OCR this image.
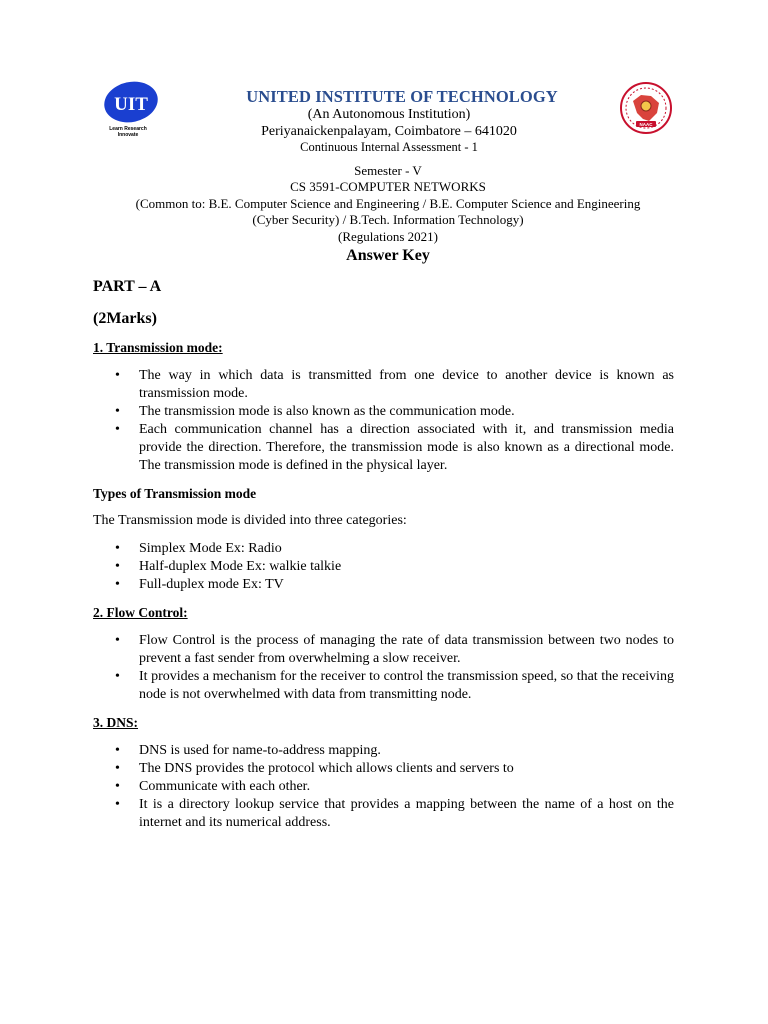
UIT
Learn Research
Innovate
NAAC
UNITED INSTITUTE OF TECHNOLOGY
(An Autonomous Institution)
Periyanaickenpalayam, Coimbatore – 641020
Continuous Internal Assessment - 1
Semester - V
CS 3591-COMPUTER NETWORKS
(Common to: B.E. Computer Science and Engineering / B.E. Computer Science and Engineering
(Cyber Security) / B.Tech. Information Technology)
(Regulations 2021)
Answer Key
PART – A
(2Marks)
1. Transmission mode:
• The way in which data is transmitted from one device to another device is known as transmission mode.
• The transmission mode is also known as the communication mode.
• Each communication channel has a direction associated with it, and transmission media provide the direction. Therefore, the transmission mode is also known as a directional mode. The transmission mode is defined in the physical layer.
Types of Transmission mode
The Transmission mode is divided into three categories:
• Simplex Mode Ex: Radio
• Half-duplex Mode Ex: walkie talkie
• Full-duplex mode Ex: TV
2. Flow Control:
• Flow Control is the process of managing the rate of data transmission between two nodes to prevent a fast sender from overwhelming a slow receiver.
• It provides a mechanism for the receiver to control the transmission speed, so that the receiving node is not overwhelmed with data from transmitting node.
3. DNS:
• DNS is used for name-to-address mapping.
• The DNS provides the protocol which allows clients and servers to
• Communicate with each other.
• It is a directory lookup service that provides a mapping between the name of a host on the internet and its numerical address.
